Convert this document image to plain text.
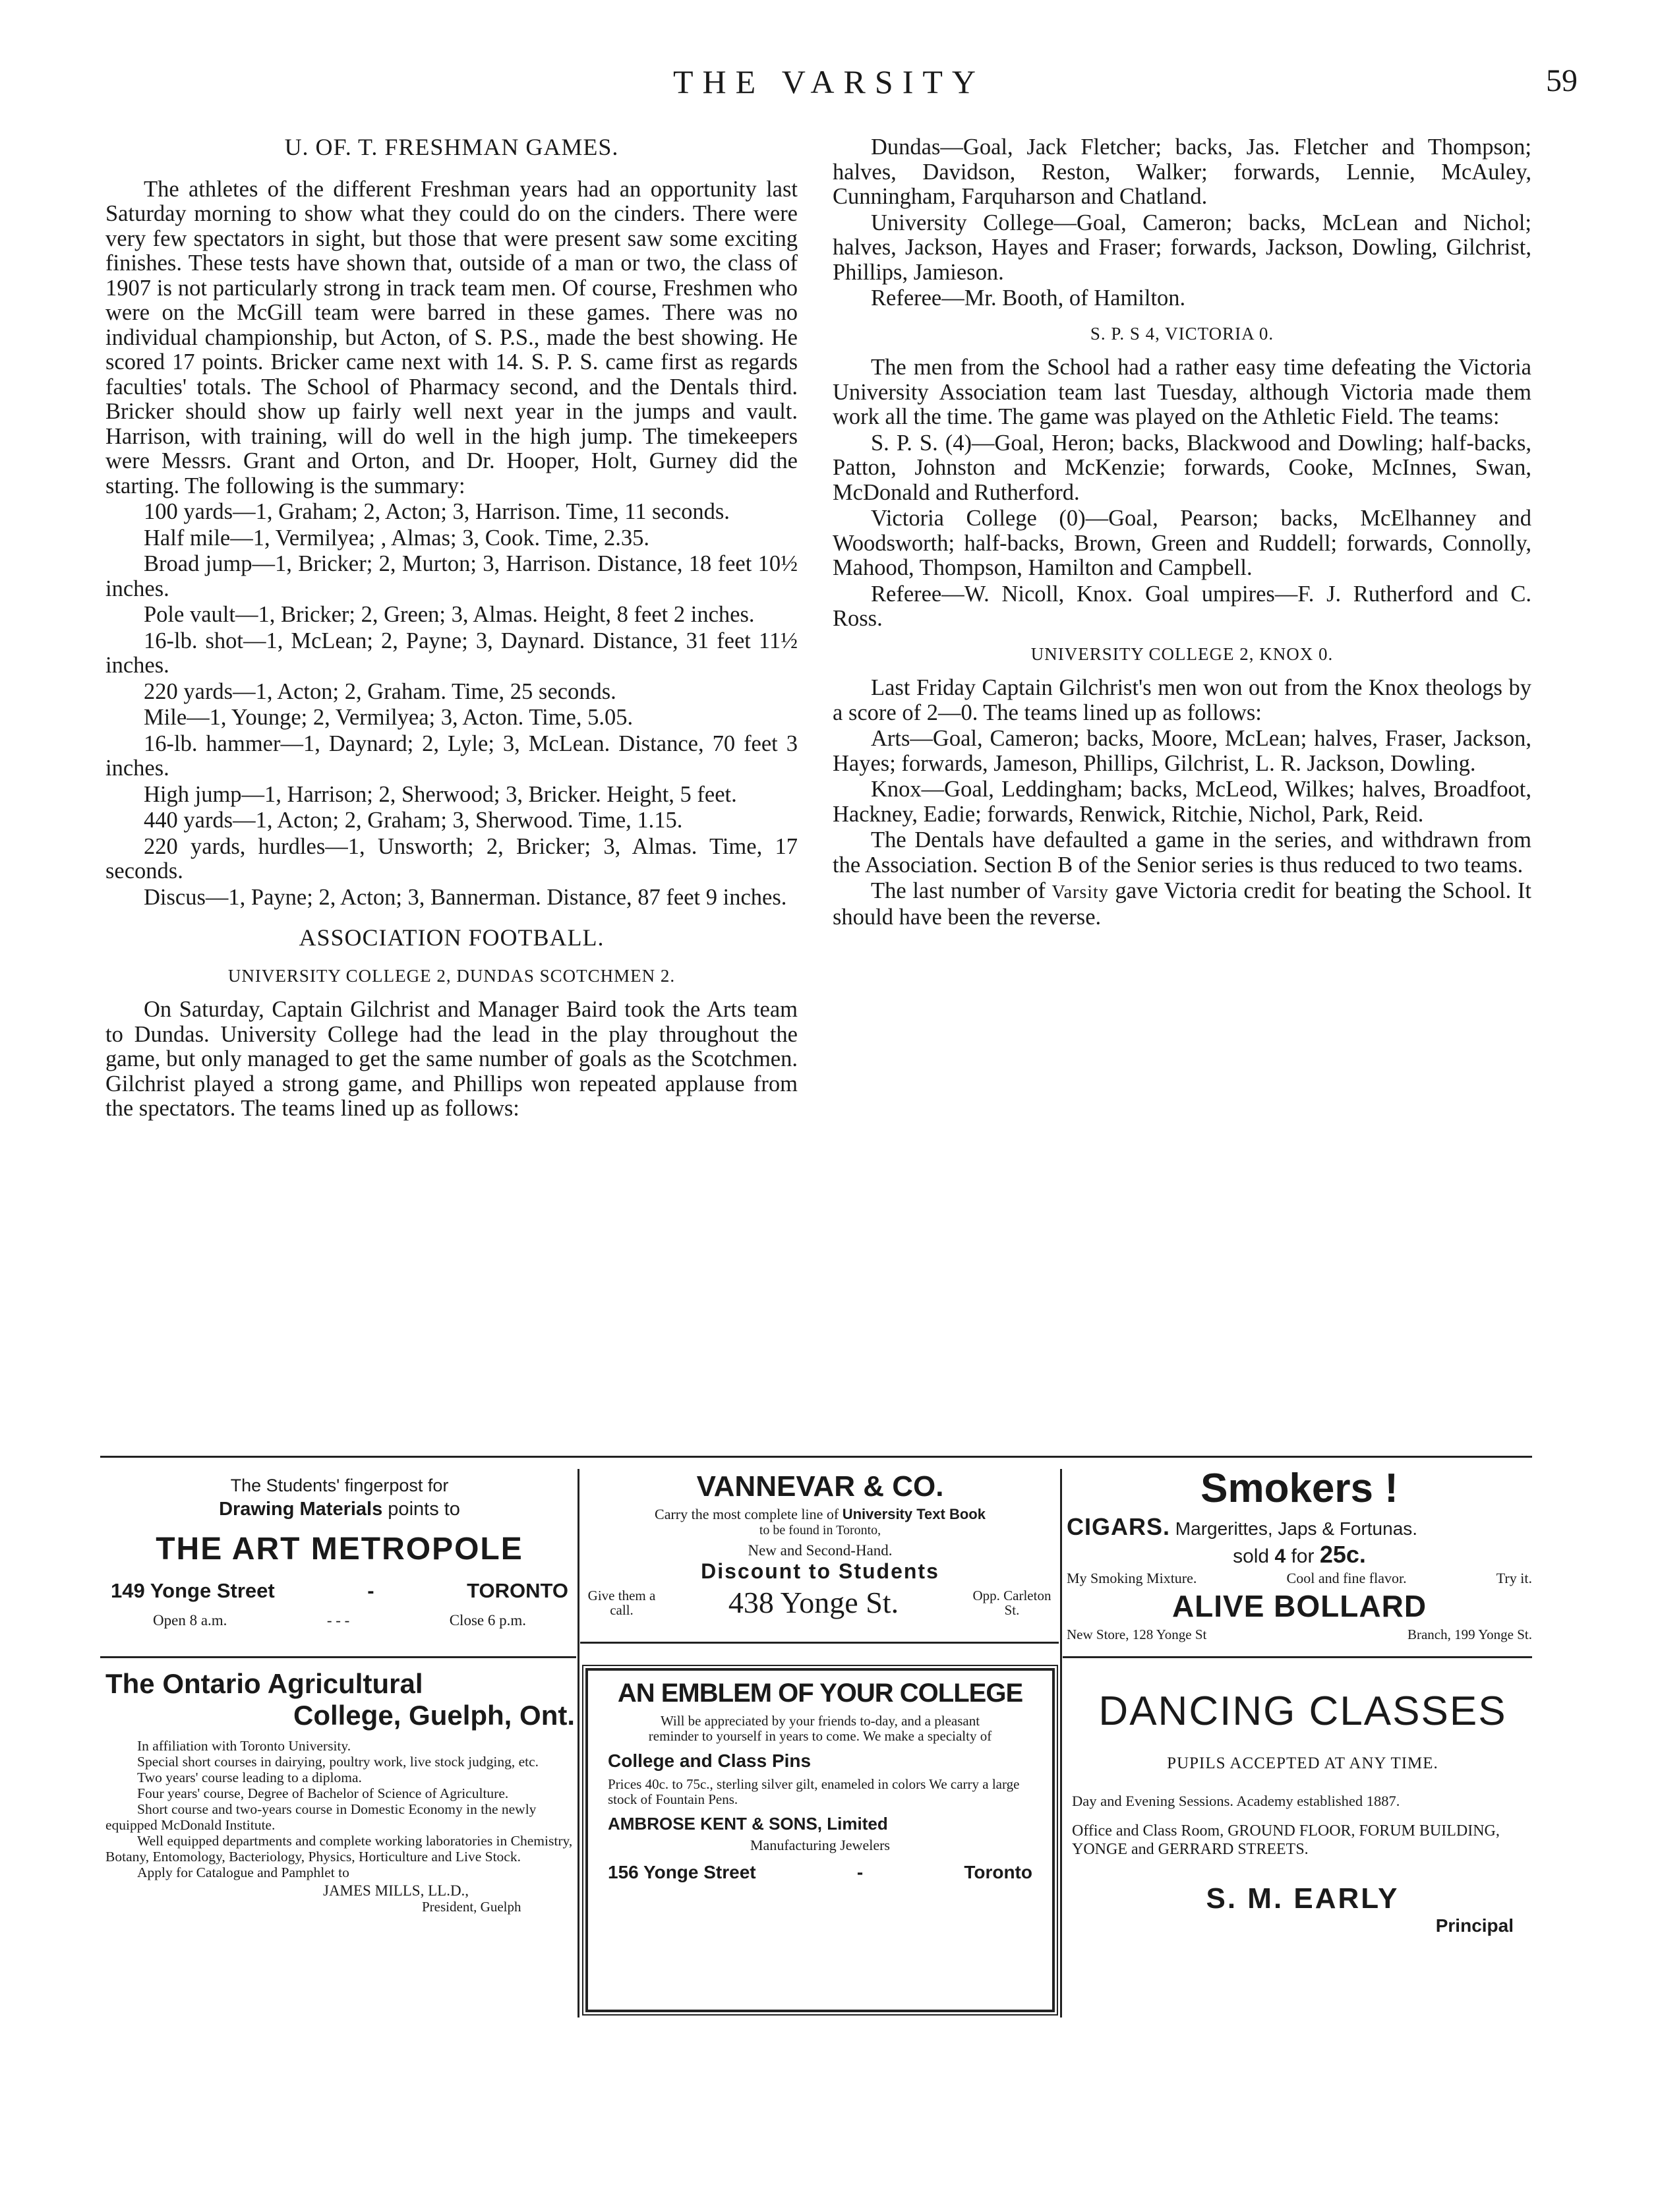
THE VARSITY	59
U. OF. T. FRESHMAN GAMES.

The athletes of the different Freshman years had an opportunity last Saturday morning to show what they could do on the cinders. There were very few spectators in sight, but those that were present saw some exciting finishes. These tests have shown that, outside of a man or two, the class of 1907 is not particularly strong in track team men. Of course, Freshmen who were on the McGill team were barred in these games. There was no individual championship, but Acton, of S. P.S., made the best showing. He scored 17 points. Bricker came next with 14. S. P. S. came first as regards faculties' totals. The School of Pharmacy second, and the Dentals third. Bricker should show up fairly well next year in the jumps and vault. Harrison, with training, will do well in the high jump. The timekeepers were Messrs. Grant and Orton, and Dr. Hooper, Holt, Gurney did the starting. The following is the summary:

100 yards—1, Graham; 2, Acton; 3, Harrison. Time, 11 seconds.

Half mile—1, Vermilyea; , Almas; 3, Cook. Time, 2.35.

Broad jump—1, Bricker; 2, Murton; 3, Harrison. Distance, 18 feet 10½ inches.

Pole vault—1, Bricker; 2, Green; 3, Almas. Height, 8 feet 2 inches.

16-lb. shot—1, McLean; 2, Payne; 3, Daynard. Distance, 31 feet 11½ inches.

220 yards—1, Acton; 2, Graham. Time, 25 seconds.

Mile—1, Younge; 2, Vermilyea; 3, Acton. Time, 5.05.

16-lb. hammer—1, Daynard; 2, Lyle; 3, McLean. Distance, 70 feet 3 inches.

High jump—1, Harrison; 2, Sherwood; 3, Bricker. Height, 5 feet.

440 yards—1, Acton; 2, Graham; 3, Sherwood. Time, 1.15.

220 yards, hurdles—1, Unsworth; 2, Bricker; 3, Almas. Time, 17 seconds.

Discus—1, Payne; 2, Acton; 3, Bannerman. Distance, 87 feet 9 inches.

ASSOCIATION FOOTBALL.
UNIVERSITY COLLEGE 2, DUNDAS SCOTCHMEN 2.

On Saturday, Captain Gilchrist and Manager Baird took the Arts team to Dundas. University College had the lead in the play throughout the game, but only managed to get the same number of goals as the Scotchmen. Gilchrist played a strong game, and Phillips won repeated applause from the spectators. The teams lined up as follows:

Dundas—Goal, Jack Fletcher; backs, Jas. Fletcher and Thompson; halves, Davidson, Reston, Walker; forwards, Lennie, McAuley, Cunningham, Farquharson and Chatland.

University College—Goal, Cameron; backs, McLean and Nichol; halves, Jackson, Hayes and Fraser; forwards, Jackson, Dowling, Gilchrist, Phillips, Jamieson.

Referee—Mr. Booth, of Hamilton.

S. P. S 4, VICTORIA 0.

The men from the School had a rather easy time defeating the Victoria University Association team last Tuesday, although Victoria made them work all the time. The game was played on the Athletic Field. The teams:

S. P. S. (4)—Goal, Heron; backs, Blackwood and Dowling; half-backs, Patton, Johnston and McKenzie; forwards, Cooke, McInnes, Swan, McDonald and Rutherford.

Victoria College (0)—Goal, Pearson; backs, McElhanney and Woodsworth; half-backs, Brown, Green and Ruddell; forwards, Connolly, Mahood, Thompson, Hamilton and Campbell.

Referee—W. Nicoll, Knox. Goal umpires—F. J. Rutherford and C. Ross.

UNIVERSITY COLLEGE 2, KNOX 0.

Last Friday Captain Gilchrist's men won out from the Knox theologs by a score of 2—0. The teams lined up as follows:

Arts—Goal, Cameron; backs, Moore, McLean; halves, Fraser, Jackson, Hayes; forwards, Jameson, Phillips, Gilchrist, L. R. Jackson, Dowling.

Knox—Goal, Leddingham; backs, McLeod, Wilkes; halves, Broadfoot, Hackney, Eadie; forwards, Renwick, Ritchie, Nichol, Park, Reid.

The Dentals have defaulted a game in the series, and withdrawn from the Association. Section B of the Senior series is thus reduced to two teams.

The last number of Varsity gave Victoria credit for beating the School. It should have been the reverse.

The Students' fingerpost for
Drawing Materials points to
THE ART METROPOLE
149 Yonge Street	-	TORONTO
Open 8 a.m.	- - -	Close 6 p.m.
VANNEVAR & CO.
Carry the most complete line of University Text Book
to be found in Toronto,
New and Second-Hand.
Discount to Students
Give them a call.	438 Yonge St.	Opp. Carleton St.
Smokers !
CIGARS. Margerittes, Japs & Fortunas.
sold 4 for 25c.
My Smoking Mixture.	Cool and fine flavor.	Try it.
ALIVE BOLLARD
New Store, 128 Yonge St	Branch, 199 Yonge St.
The Ontario Agricultural
College, Guelph, Ont.
In affiliation with Toronto University.
Special short courses in dairying, poultry work, live stock judging, etc.
Two years' course leading to a diploma.
Four years' course, Degree of Bachelor of Science of Agriculture.
Short course and two-years course in Domestic Economy in the newly equipped McDonald Institute.
Well equipped departments and complete working laboratories in Chemistry, Botany, Entomology, Bacteriology, Physics, Horticulture and Live Stock.
Apply for Catalogue and Pamphlet to
JAMES MILLS, LL.D.,
President, Guelph
AN EMBLEM OF YOUR COLLEGE
Will be appreciated by your friends to-day, and a pleasant reminder to yourself in years to come. We make a specialty of
College and Class Pins
Prices 40c. to 75c., sterling silver gilt, enameled in colors We carry a large stock of Fountain Pens.
AMBROSE KENT & SONS, Limited
Manufacturing Jewelers
156 Yonge Street	-	Toronto
DANCING CLASSES
PUPILS ACCEPTED AT ANY TIME.
Day and Evening Sessions. Academy established 1887.
Office and Class Room, GROUND FLOOR, FORUM BUILDING, YONGE and GERRARD STREETS.
S. M. EARLY
Principal
